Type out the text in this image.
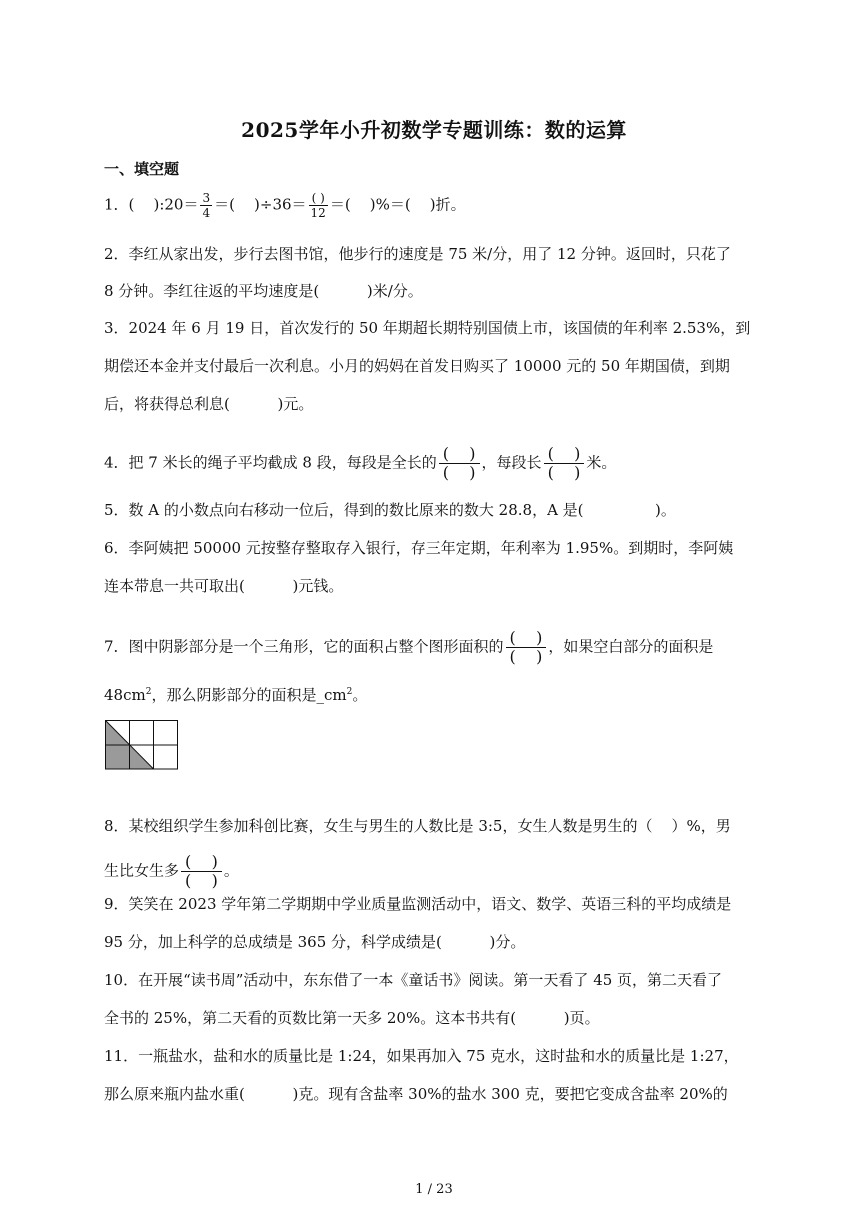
2025学年小升初数学专题训练：数的运算
一、填空题
1．(    ):20＝ $\frac{3}{4}$ ＝(    )$\div 36= \frac{( )}{12}$ ＝(    )%＝(    )折。
2．李红从家出发，步行去图书馆，他步行的速度是 75 米/分，用了 12 分钟。返回时，只花了
8 分钟。李红往返的平均速度是(          )米/分。
3．2024 年 6 月 19 日，首次发行的 50 年期超长期特别国债上市，该国债的年利率 2.53%，到
期偿还本金并支付最后一次利息。小月的妈妈在首发日购买了 10000 元的 50 年期国债，到期
后，将获得总利息(          )元。
4．把 7 米长的绳子平均截成 8 段，每段是全长的 $\frac{( )}{( )}$ ，每段长 $\frac{( )}{( )}$ 米。
5．数 A 的小数点向右移动一位后，得到的数比原来的数大 28.8，A 是(               )。
6．李阿姨把 50000 元按整存整取存入银行，存三年定期，年利率为 1.95%。到期时，李阿姨
连本带息一共可取出(          )元钱。
7．图中阴影部分是一个三角形，它的面积占整个图形面积的 $\frac{( )}{( )}$ ，如果空白部分的面积是
$48cm^2$，那么阴影部分的面积是$\_cm^2$。
8．某校组织学生参加科创比赛，女生与男生的人数比是 3:5，女生人数是男生的（    ）%，男
生比女生多 $\frac{( )}{( )}$ 。
9．笑笑在 2023 学年第二学期期中学业质量监测活动中，语文、数学、英语三科的平均成绩是
95 分，加上科学的总成绩是 365 分，科学成绩是(          )分。
10．在开展“读书周”活动中，东东借了一本《童话书》阅读。第一天看了 45 页，第二天看了
全书的 25%，第二天看的页数比第一天多 20%。这本书共有(          )页。
11．一瓶盐水，盐和水的质量比是 1:24，如果再加入 75 克水，这时盐和水的质量比是 1:27，
那么原来瓶内盐水重(          )克。现有含盐率 30%的盐水 300 克，要把它变成含盐率 20%的
1 / 23
